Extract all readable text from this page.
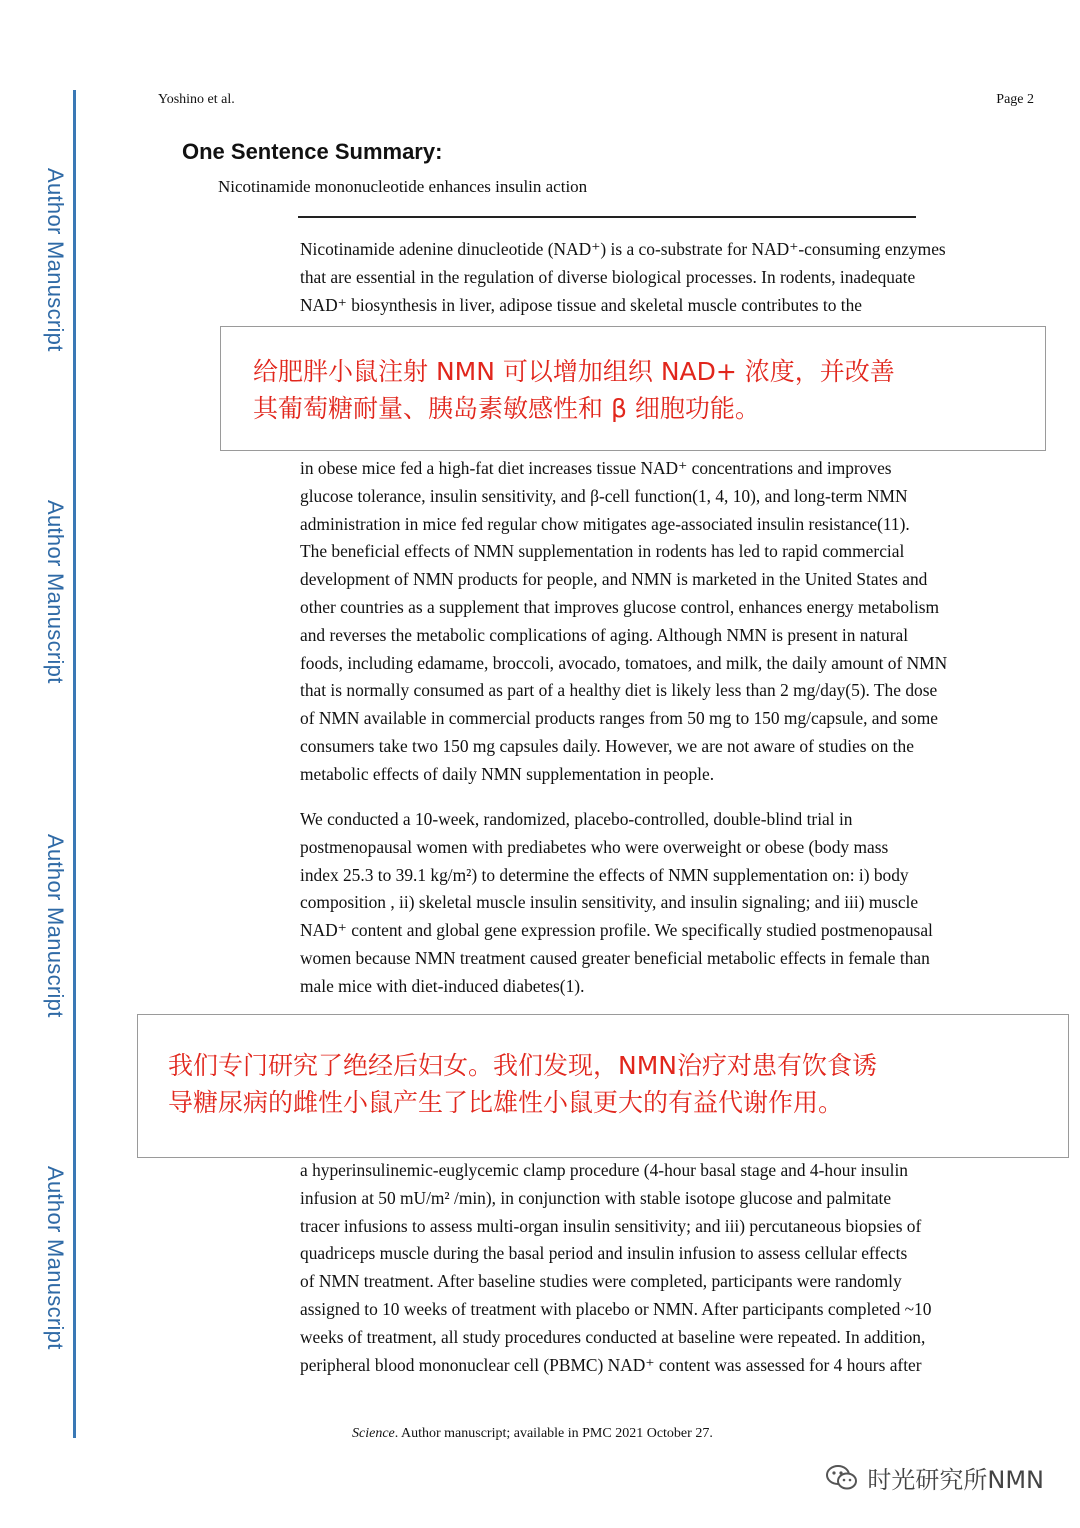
Author Manuscript
Author Manuscript
Author Manuscript
Author Manuscript
Yoshino et al.	Page 2
One Sentence Summary:
Nicotinamide mononucleotide enhances insulin action
Nicotinamide adenine dinucleotide (NAD⁺) is a co-substrate for NAD⁺-consuming enzymes
that are essential in the regulation of diverse biological processes. In rodents, inadequate
NAD⁺ biosynthesis in liver, adipose tissue and skeletal muscle contributes to the
in obese mice fed a high-fat diet increases tissue NAD⁺ concentrations and improves
glucose tolerance, insulin sensitivity, and β-cell function(1, 4, 10), and long-term NMN
administration in mice fed regular chow mitigates age-associated insulin resistance(11).
The beneficial effects of NMN supplementation in rodents has led to rapid commercial
development of NMN products for people, and NMN is marketed in the United States and
other countries as a supplement that improves glucose control, enhances energy metabolism
and reverses the metabolic complications of aging. Although NMN is present in natural
foods, including edamame, broccoli, avocado, tomatoes, and milk, the daily amount of NMN
that is normally consumed as part of a healthy diet is likely less than 2 mg/day(5). The dose
of NMN available in commercial products ranges from 50 mg to 150 mg/capsule, and some
consumers take two 150 mg capsules daily. However, we are not aware of studies on the
metabolic effects of daily NMN supplementation in people.
We conducted a 10-week, randomized, placebo-controlled, double-blind trial in
postmenopausal women with prediabetes who were overweight or obese (body mass
index 25.3 to 39.1 kg/m²) to determine the effects of NMN supplementation on: i) body
composition , ii) skeletal muscle insulin sensitivity, and insulin signaling; and iii) muscle
NAD⁺ content and global gene expression profile. We specifically studied postmenopausal
women because NMN treatment caused greater beneficial metabolic effects in female than
male mice with diet-induced diabetes(1).
a hyperinsulinemic-euglycemic clamp procedure (4-hour basal stage and 4-hour insulin
infusion at 50 mU/m² /min), in conjunction with stable isotope glucose and palmitate
tracer infusions to assess multi-organ insulin sensitivity; and iii) percutaneous biopsies of
quadriceps muscle during the basal period and insulin infusion to assess cellular effects
of NMN treatment. After baseline studies were completed, participants were randomly
assigned to 10 weeks of treatment with placebo or NMN. After participants completed ~10
weeks of treatment, all study procedures conducted at baseline were repeated. In addition,
peripheral blood mononuclear cell (PBMC) NAD⁺ content was assessed for 4 hours after
给肥胖小鼠注射 NMN 可以增加组织 NAD+ 浓度，并改善
其葡萄糖耐量、胰岛素敏感性和 β 细胞功能。
我们专门研究了绝经后妇女。我们发现，NMN治疗对患有饮食诱
导糖尿病的雌性小鼠产生了比雄性小鼠更大的有益代谢作用。
Science. Author manuscript; available in PMC 2021 October 27.
时光研究所NMN
